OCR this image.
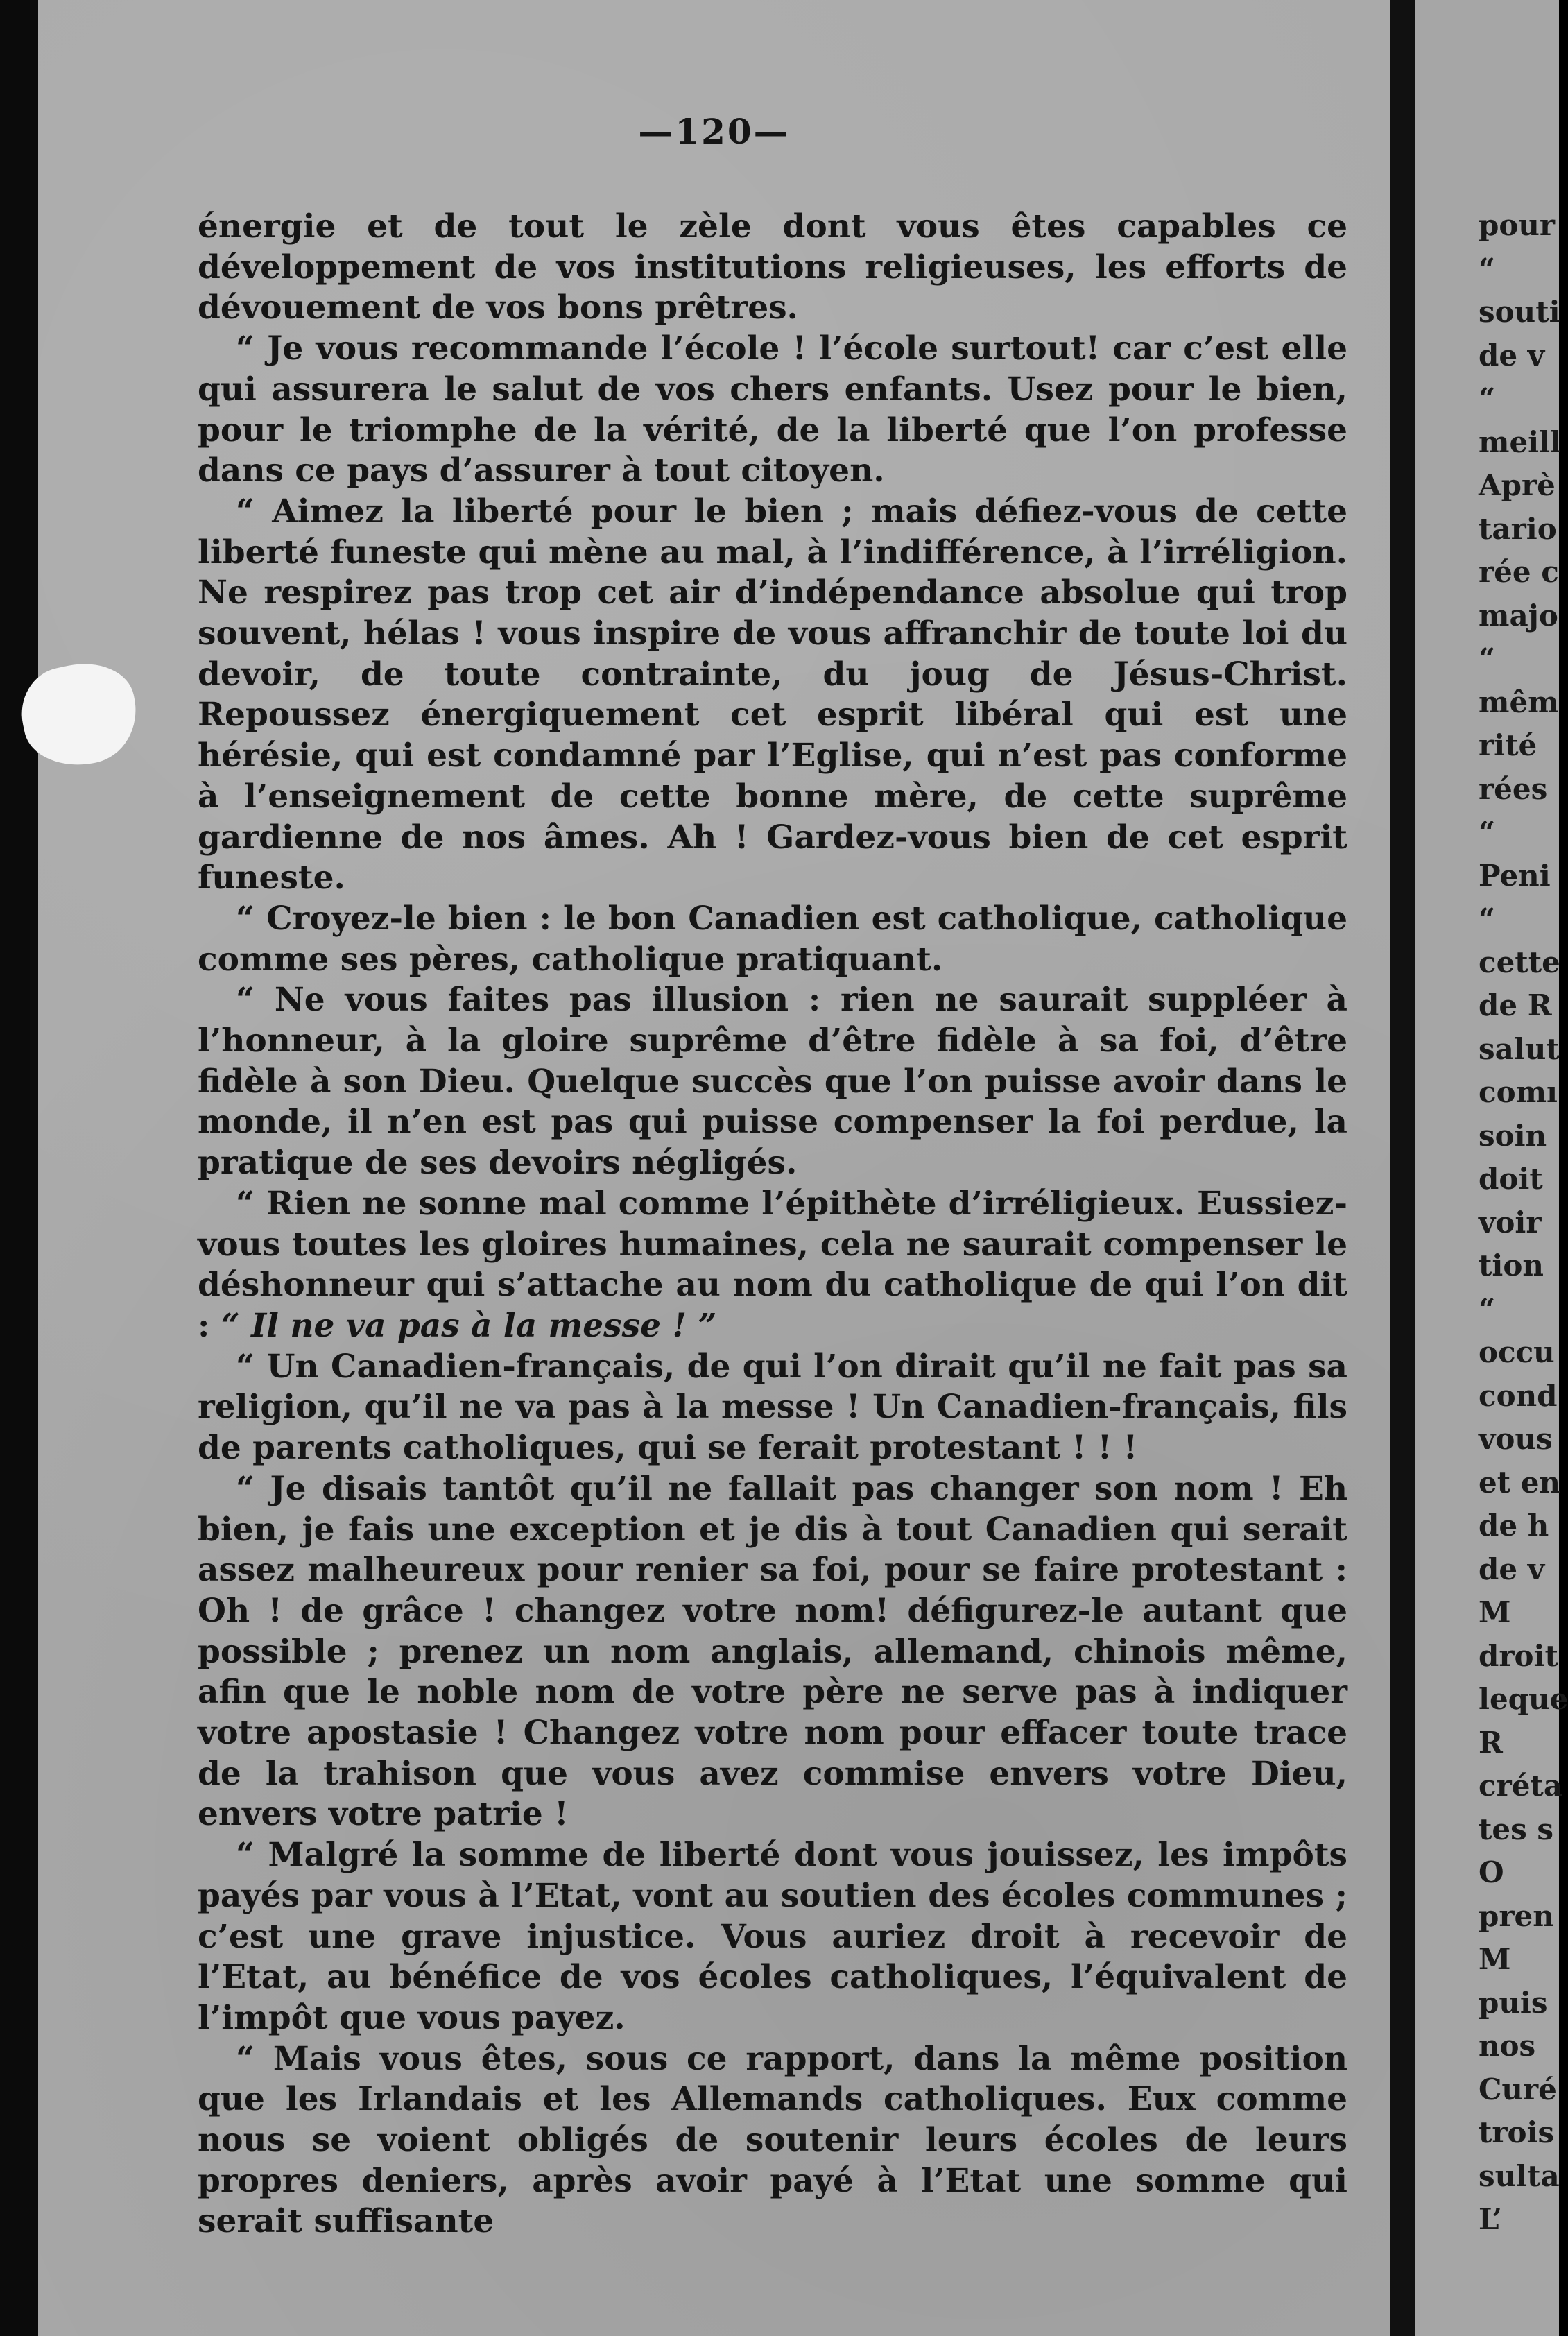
—120—

énergie et de tout le zèle dont vous êtes capables ce développement de vos institutions religieuses, les efforts de dévouement de vos bons prêtres.

“ Je vous recommande l’école ! l’école surtout! car c’est elle qui assurera le salut de vos chers enfants. Usez pour le bien, pour le triomphe de la vérité, de la liberté que l’on professe dans ce pays d’assurer à tout citoyen.

“ Aimez la liberté pour le bien ; mais défiez-vous de cette liberté funeste qui mène au mal, à l’indifférence, à l’irréligion. Ne respirez pas trop cet air d’indépendance absolue qui trop souvent, hélas ! vous inspire de vous affranchir de toute loi du devoir, de toute contrainte, du joug de Jésus-Christ. Repoussez énergiquement cet esprit libéral qui est une hérésie, qui est condamné par l’Eglise, qui n’est pas conforme à l’enseignement de cette bonne mère, de cette suprême gardienne de nos âmes. Ah ! Gardez-vous bien de cet esprit funeste.

“ Croyez-le bien : le bon Canadien est catholique, catholique comme ses pères, catholique pratiquant.

“ Ne vous faites pas illusion : rien ne saurait suppléer à l’honneur, à la gloire suprême d’être fidèle à sa foi, d’être fidèle à son Dieu. Quelque succès que l’on puisse avoir dans le monde, il n’en est pas qui puisse compenser la foi perdue, la pratique de ses devoirs négligés.

“ Rien ne sonne mal comme l’épithète d’irréligieux. Eussiez-vous toutes les gloires humaines, cela ne saurait compenser le déshonneur qui s’attache au nom du catholique de qui l’on dit : “ Il ne va pas à la messe ! ”

“ Un Canadien-français, de qui l’on dirait qu’il ne fait pas sa religion, qu’il ne va pas à la messe ! Un Canadien-français, fils de parents catholiques, qui se ferait protestant ! ! !

“ Je disais tantôt qu’il ne fallait pas changer son nom ! Eh bien, je fais une exception et je dis à tout Canadien qui serait assez malheureux pour renier sa foi, pour se faire protestant : Oh ! de grâce ! changez votre nom! défigurez-le autant que possible ; prenez un nom anglais, allemand, chinois même, afin que le noble nom de votre père ne serve pas à indiquer votre apostasie ! Changez votre nom pour effacer toute trace de la trahison que vous avez commise envers votre Dieu, envers votre patrie !

“ Malgré la somme de liberté dont vous jouissez, les impôts payés par vous à l’Etat, vont au soutien des écoles communes ; c’est une grave injustice. Vous auriez droit à recevoir de l’Etat, au bénéfice de vos écoles catholiques, l’équivalent de l’impôt que vous payez.

“ Mais vous êtes, sous ce rapport, dans la même position que les Irlandais et les Allemands catholiques. Eux comme nous se voient obligés de soutenir leurs écoles de leurs propres deniers, après avoir payé à l’Etat une somme qui serait suffisante

pour
“
souti
de v
“
meill
Aprè
tario
rée c
majo
“
mêm
rité
rées
“
Peni
“
cette
de R
salut
comı
soin
doit
voir
tion
“
occu
cond
vous
et en
de h
de v
M
droit
leque
R
créta
tes s
O
pren
M
puis
nos
Curé
trois
sulta
L’
